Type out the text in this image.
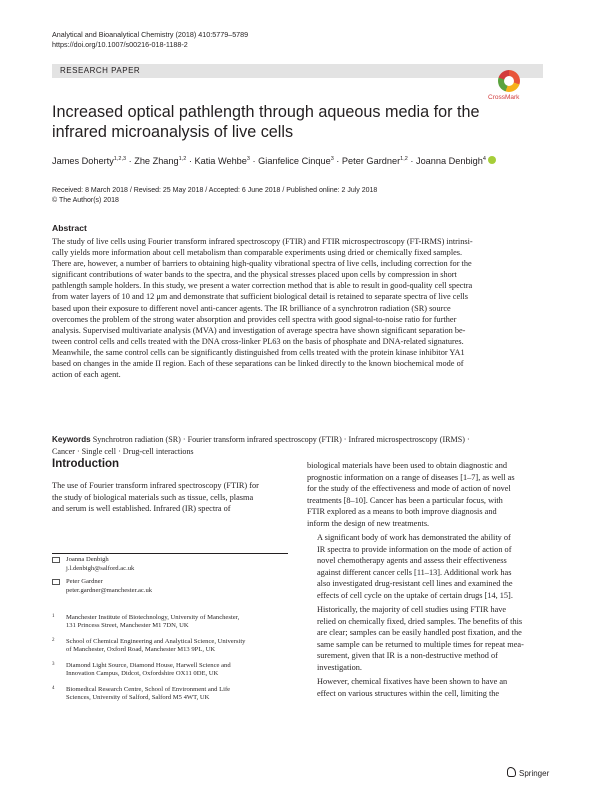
Analytical and Bioanalytical Chemistry (2018) 410:5779–5789
https://doi.org/10.1007/s00216-018-1188-2
RESEARCH PAPER
CrossMark
Increased optical pathlength through aqueous media for the infrared microanalysis of live cells
James Doherty$^{1,2,3}$ · Zhe Zhang$^{1,2}$ · Katia Wehbe$^3$ · Gianfelice Cinque$^3$ · Peter Gardner$^{1,2}$ · Joanna Denbigh$^4$
Received: 8 March 2018 / Revised: 25 May 2018 / Accepted: 6 June 2018 / Published online: 2 July 2018
© The Author(s) 2018
Abstract
The study of live cells using Fourier transform infrared spectroscopy (FTIR) and FTIR microspectroscopy (FT-IRMS) intrinsi-
cally yields more information about cell metabolism than comparable experiments using dried or chemically fixed samples.
There are, however, a number of barriers to obtaining high-quality vibrational spectra of live cells, including correction for the
significant contributions of water bands to the spectra, and the physical stresses placed upon cells by compression in short
pathlength sample holders. In this study, we present a water correction method that is able to result in good-quality cell spectra
from water layers of 10 and 12 μm and demonstrate that sufficient biological detail is retained to separate spectra of live cells
based upon their exposure to different novel anti-cancer agents. The IR brilliance of a synchrotron radiation (SR) source
overcomes the problem of the strong water absorption and provides cell spectra with good signal-to-noise ratio for further
analysis. Supervised multivariate analysis (MVA) and investigation of average spectra have shown significant separation be-
tween control cells and cells treated with the DNA cross-linker PL63 on the basis of phosphate and DNA-related signatures.
Meanwhile, the same control cells can be significantly distinguished from cells treated with the protein kinase inhibitor YA1
based on changes in the amide II region. Each of these separations can be linked directly to the known biochemical mode of
action of each agent.
Keywords Synchrotron radiation (SR) · Fourier transform infrared spectroscopy (FTIR) · Infrared microspectroscopy (IRMS) ·
Cancer · Single cell · Drug-cell interactions
Introduction
The use of Fourier transform infrared spectroscopy (FTIR) for
the study of biological materials such as tissue, cells, plasma
and serum is well established. Infrared (IR) spectra of
Joanna Denbigh
j.l.denbigh@salford.ac.uk
Peter Gardner
peter.gardner@manchester.ac.uk
1 Manchester Institute of Biotechnology, University of Manchester,
131 Princess Street, Manchester M1 7DN, UK
2 School of Chemical Engineering and Analytical Science, University
of Manchester, Oxford Road, Manchester M13 9PL, UK
3 Diamond Light Source, Diamond House, Harwell Science and
Innovation Campus, Didcot, Oxfordshire OX11 0DE, UK
4 Biomedical Research Centre, School of Environment and Life
Sciences, University of Salford, Salford M5 4WT, UK

biological materials have been used to obtain diagnostic and
prognostic information on a range of diseases [1–7], as well as
for the study of the effectiveness and mode of action of novel
treatments [8–10]. Cancer has been a particular focus, with
FTIR explored as a means to both improve diagnosis and
inform the design of new treatments.

A significant body of work has demonstrated the ability of
IR spectra to provide information on the mode of action of
novel chemotherapy agents and assess their effectiveness
against different cancer cells [11–13]. Additional work has
also investigated drug-resistant cell lines and examined the
effects of cell cycle on the uptake of certain drugs [14, 15].

Historically, the majority of cell studies using FTIR have
relied on chemically fixed, dried samples. The benefits of this
are clear; samples can be easily handled post fixation, and the
same sample can be returned to multiple times for repeat mea-
surement, given that IR is a non-destructive method of
investigation.

However, chemical fixatives have been shown to have an
effect on various structures within the cell, limiting the

Springer
